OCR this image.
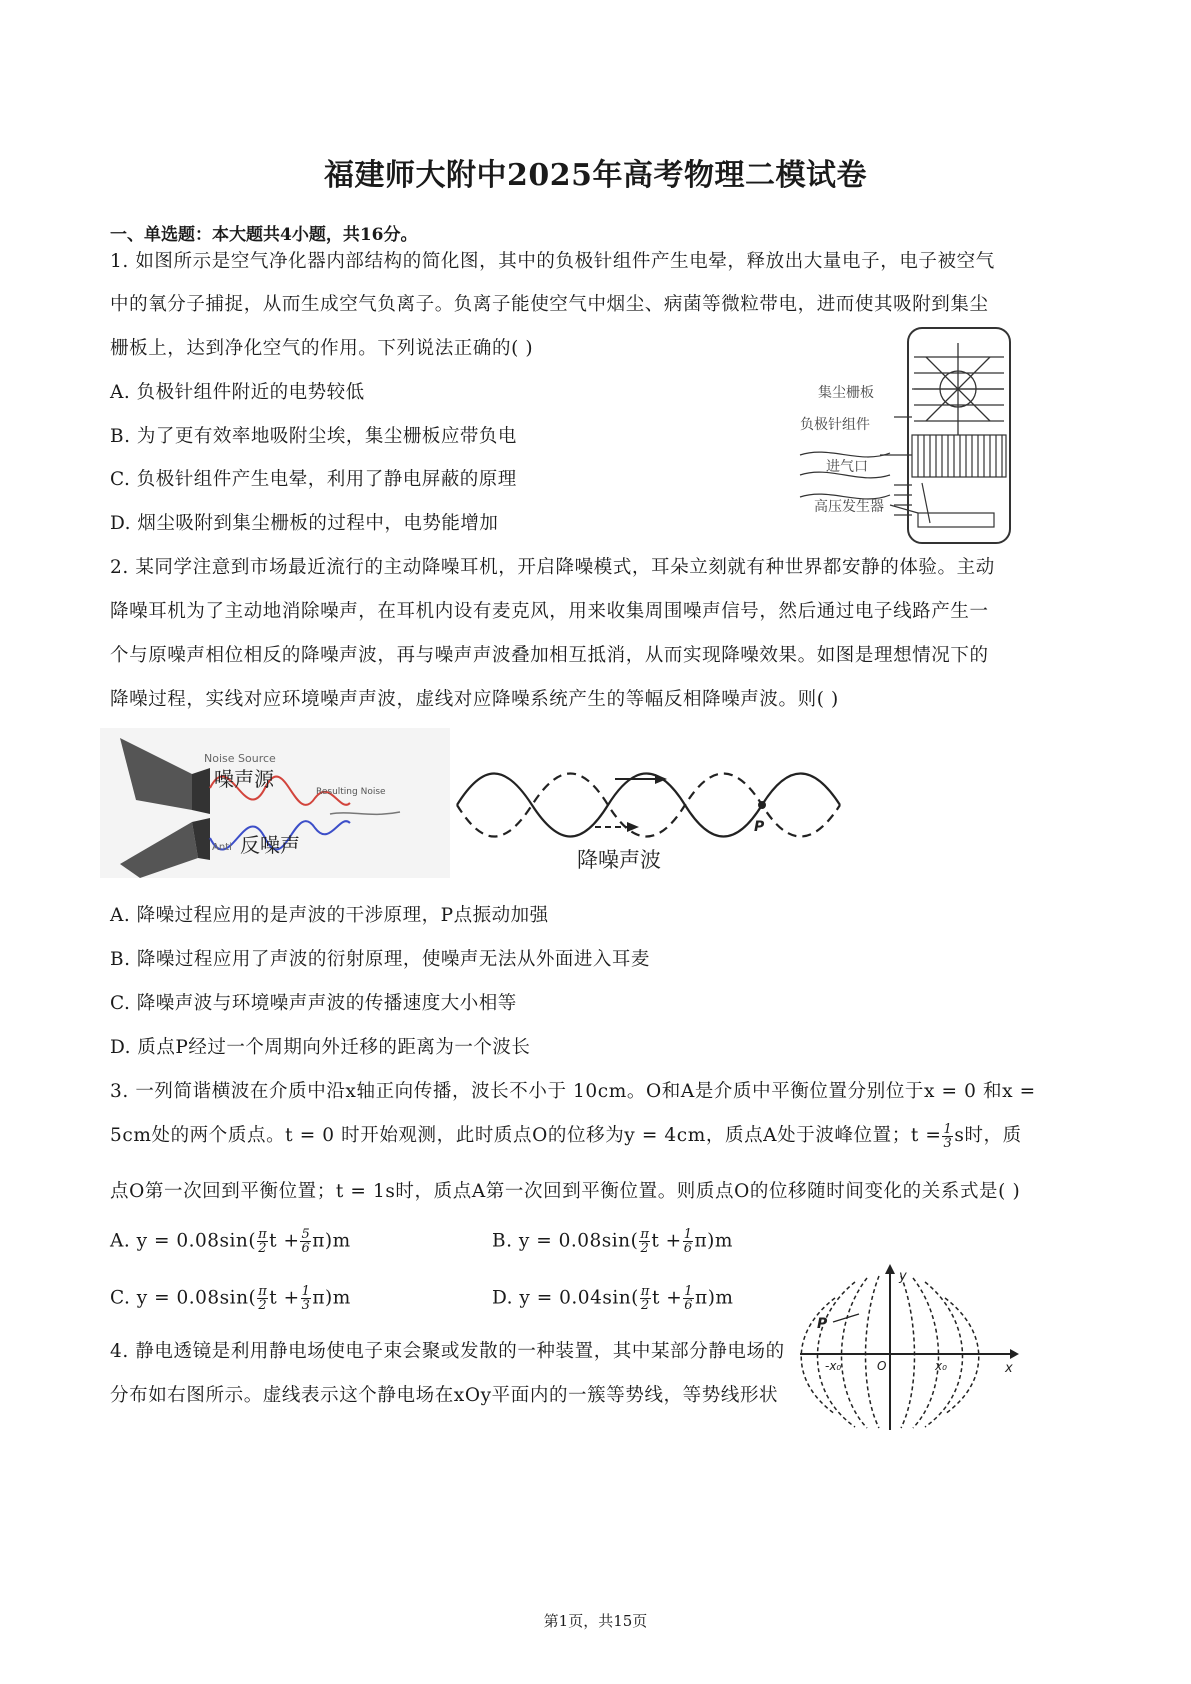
福建师大附中2025年高考物理二模试卷
一、单选题：本大题共4小题，共16分。
1. 如图所示是空气净化器内部结构的简化图，其中的负极针组件产生电晕，释放出大量电子，电子被空气
中的氧分子捕捉，从而生成空气负离子。负离子能使空气中烟尘、病菌等微粒带电，进而使其吸附到集尘
栅板上，达到净化空气的作用。下列说法正确的( )
A. 负极针组件附近的电势较低
B. 为了更有效率地吸附尘埃，集尘栅板应带负电
C. 负极针组件产生电晕，利用了静电屏蔽的原理
D. 烟尘吸附到集尘栅板的过程中，电势能增加
集尘栅板
负极针组件
进气口
高压发生器
2. 某同学注意到市场最近流行的主动降噪耳机，开启降噪模式，耳朵立刻就有种世界都安静的体验。主动
降噪耳机为了主动地消除噪声，在耳机内设有麦克风，用来收集周围噪声信号，然后通过电子线路产生一
个与原噪声相位相反的降噪声波，再与噪声声波叠加相互抵消，从而实现降噪效果。如图是理想情况下的
降噪过程，实线对应环境噪声声波，虚线对应降噪系统产生的等幅反相降噪声波。则( )
Noise Source
噪声源
Resulting Noise
Anti 反噪声
P
降噪声波
A. 降噪过程应用的是声波的干涉原理，P点振动加强
B. 降噪过程应用了声波的衍射原理，使噪声无法从外面进入耳麦
C. 降噪声波与环境噪声声波的传播速度大小相等
D. 质点P经过一个周期向外迁移的距离为一个波长
3. 一列简谐横波在介质中沿x轴正向传播，波长不小于 10cm。O和A是介质中平衡位置分别位于x = 0 和x =
5cm处的两个质点。t = 0 时开始观测，此时质点O的位移为y = 4cm，质点A处于波峰位置；$t = \frac{1}{3}$ s时，质
点O第一次回到平衡位置；t = 1s时，质点A第一次回到平衡位置。则质点O的位移随时间变化的关系式是( )
A. $y = 0.08\sin( \frac{\pi}{2}$ $t + \frac{5}{6} \pi)m$	B. $y = 0.08\sin( \frac{\pi}{2}$ $t + \frac{1}{6} \pi)m$
C. $y = 0.08\sin( \frac{\pi}{2}$ $t + \frac{1}{3} \pi)m$	D. $y = 0.04\sin( \frac{\pi}{2}$ $t + \frac{1}{6} \pi)m$
4. 静电透镜是利用静电场使电子束会聚或发散的一种装置，其中某部分静电场的
分布如右图所示。虚线表示这个静电场在xOy平面内的一簇等势线，等势线形状
P
y
x
O
-x₀	x₀
第1页，共15页
